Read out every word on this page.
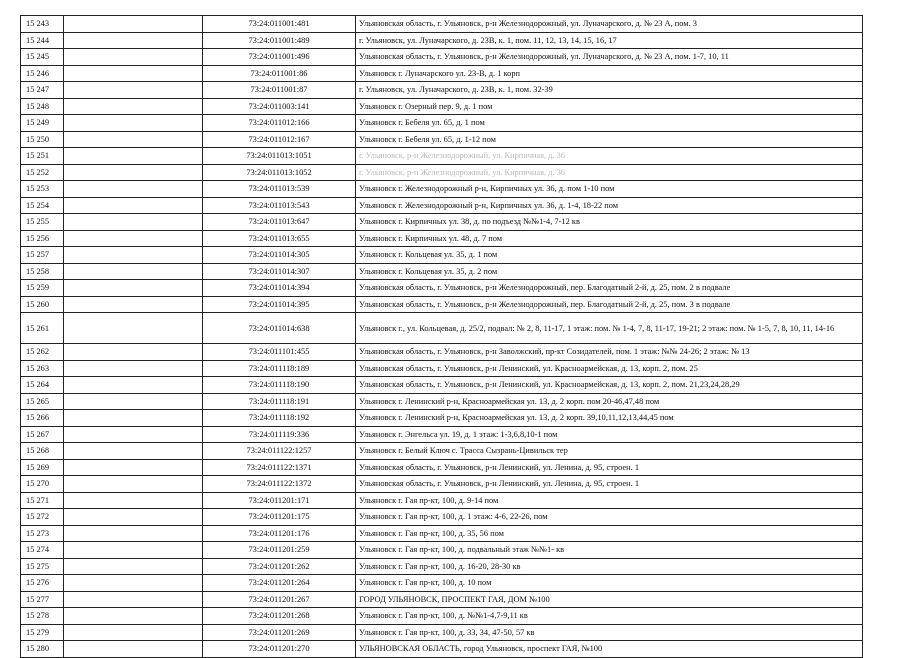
15 243		73:24:011001:481	Ульяновская область, г. Ульяновск, р-н Железнодорожный, ул. Луначарского, д. № 23 А, пом. 3
15 244		73:24:011001:489	г. Ульяновск, ул. Луначарского, д. 23В, к. 1, пом. 11, 12, 13, 14, 15, 16, 17
15 245		73:24:011001:496	Ульяновская область, г. Ульяновск, р-н Железнодорожный, ул. Луначарского, д. № 23 А, пом. 1-7, 10, 11
15 246		73:24:011001:86	Ульяновск г. Луначарского ул. 23-В, д. 1 корп
15 247		73:24:011001:87	г. Ульяновск, ул. Луначарского, д. 23В, к. 1, пом. 32-39
15 248		73:24:011003:141	Ульяновск г. Озерный пер. 9, д. 1 пом
15 249		73:24:011012:166	Ульяновск г. Бебеля ул. 65, д. 1 пом
15 250		73:24:011012:167	Ульяновск г. Бебеля ул. 65, д. 1-12 пом
15 251		73:24:011013:1051	г. Ульяновск, р-н Железнодорожный, ул. Кирпичная, д. 36
15 252		73:24:011013:1052	г. Ульяновск, р-н Железнодорожный, ул. Кирпичная, д. 36
15 253		73:24:011013:539	Ульяновск г. Железнодорожный р-н, Кирпичных ул. 36, д. пом 1-10 пом
15 254		73:24:011013:543	Ульяновск г. Железнодорожный р-н, Кирпичных ул. 36, д. 1-4, 18-22 пом
15 255		73:24:011013:647	Ульяновск г. Кирпичных ул. 38, д. по подъезд №№1-4, 7-12 кв
15 256		73:24:011013:655	Ульяновск г. Кирпичных ул. 48, д. 7 пом
15 257		73:24:011014:305	Ульяновск г. Кольцевая ул. 35, д. 1 пом
15 258		73:24:011014:307	Ульяновск г. Кольцевая ул. 35, д. 2 пом
15 259		73:24:011014:394	Ульяновская область, г. Ульяновск, р-н Железнодорожный, пер. Благодатный 2-й, д. 25, пом. 2 в подвале
15 260		73:24:011014:395	Ульяновская область, г. Ульяновск, р-н Железнодорожный, пер. Благодатный 2-й, д. 25, пом. 3 в подвале
15 261		73:24:011014:638	Ульяновск г., ул. Кольцевая, д. 25/2, подвал: № 2, 8, 11-17, 1 этаж: пом. № 1-4, 7, 8, 11-17, 19-21; 2 этаж: пом. № 1-5, 7, 8, 10, 11, 14-16
15 262		73:24:011101:455	Ульяновская область, г. Ульяновск, р-н Заволжский, пр-кт Созидателей, пом. 1 этаж: №№ 24-26; 2 этаж: № 13
15 263		73:24:011118:189	Ульяновская область, г. Ульяновск, р-н Ленинский, ул. Красноармейская, д. 13, корп. 2, пом. 25
15 264		73:24:011118:190	Ульяновская область, г. Ульяновск, р-н Ленинский, ул. Красноармейская, д. 13, корп. 2, пом. 21,23,24,28,29
15 265		73:24:011118:191	Ульяновск г. Ленинский р-н, Красноармейская ул. 13, д. 2 корп. пом 20-46,47,48 пом
15 266		73:24:011118:192	Ульяновск г. Ленинский р-н, Красноармейская ул. 13, д. 2 корп. 39,10,11,12,13,44,45 пом
15 267		73:24:011119:336	Ульяновск г. Энгельса ул. 19, д. 1 этаж: 1-3,6,8,10-1 пом
15 268		73:24:011122:1257	Ульяновск г. Белый Ключ с. Трасса Сызрань-Цивильск тер
15 269		73:24:011122:1371	Ульяновская область, г. Ульяновск, р-н Ленинский, ул. Ленина, д. 95, строен. 1
15 270		73:24:011122:1372	Ульяновская область, г. Ульяновск, р-н Ленинский, ул. Ленина, д. 95, строен. 1
15 271		73:24:011201:171	Ульяновск г. Гая пр-кт, 100, д. 9-14 пом
15 272		73:24:011201:175	Ульяновск г. Гая пр-кт, 100, д. 1 этаж: 4-6, 22-26, пом
15 273		73:24:011201:176	Ульяновск г. Гая пр-кт, 100, д. 35, 56 пом
15 274		73:24:011201:259	Ульяновск г. Гая пр-кт, 100, д. подвальный этаж №№1- кв
15 275		73:24:011201:262	Ульяновск г. Гая пр-кт, 100, д. 16-20, 28-30 кв
15 276		73:24:011201:264	Ульяновск г. Гая пр-кт, 100, д. 10 пом
15 277		73:24:011201:267	ГОРОД УЛЬЯНОВСК, ПРОСПЕКТ ГАЯ, ДОМ №100
15 278		73:24:011201:268	Ульяновск г. Гая пр-кт, 100, д. №№1-4,7-9,11 кв
15 279		73:24:011201:269	Ульяновск г. Гая пр-кт, 100, д. 33, 34, 47-50, 57 кв
15 280		73:24:011201:270	УЛЬЯНОВСКАЯ ОБЛАСТЬ, город Ульяновск, проспект ГАЯ, №100
